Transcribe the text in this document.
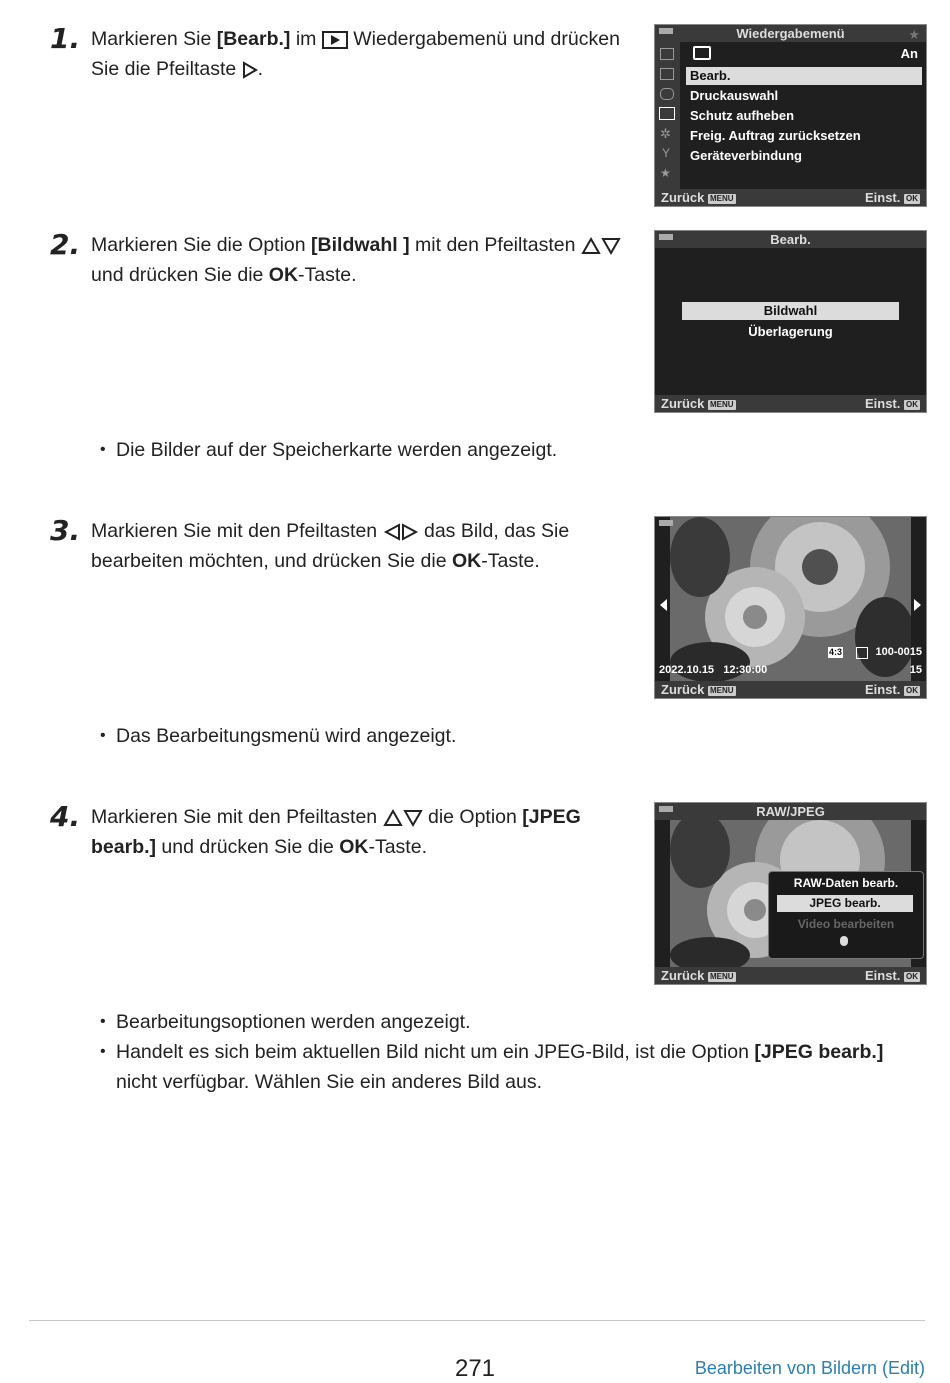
1. Markieren Sie [Bearb.] im  Wiedergabemenü und drücken Sie die Pfeiltaste .
Wiedergabemenü	★
✲
Y
★
An
Bearb.
Druckauswahl
Schutz aufheben
Freig. Auftrag zurücksetzen
Geräteverbindung
Zurück MENU	Einst. OK
2. Markieren Sie die Option [Bildwahl ] mit den Pfeiltasten  und drücken Sie die OK-Taste.
• Die Bilder auf der Speicherkarte werden angezeigt.
Bearb.
Bildwahl
Überlagerung
Zurück MENU	Einst. OK
3. Markieren Sie mit den Pfeiltasten  das Bild, das Sie bearbeiten möchten, und drücken Sie die OK-Taste.
• Das Bearbeitungsmenü wird angezeigt.
4:3	100-0015
15
2022.10.15   12:30:00
Zurück MENU	Einst. OK
4. Markieren Sie mit den Pfeiltasten  die Option [JPEG bearb.] und drücken Sie die OK-Taste.
• Bearbeitungsoptionen werden angezeigt.
• Handelt es sich beim aktuellen Bild nicht um ein JPEG-Bild, ist die Option [JPEG bearb.] nicht verfügbar. Wählen Sie ein anderes Bild aus.
RAW/JPEG
RAW-Daten bearb.
JPEG bearb.
Video bearbeiten
Zurück MENU	Einst. OK
271	Bearbeiten von Bildern (Edit)
